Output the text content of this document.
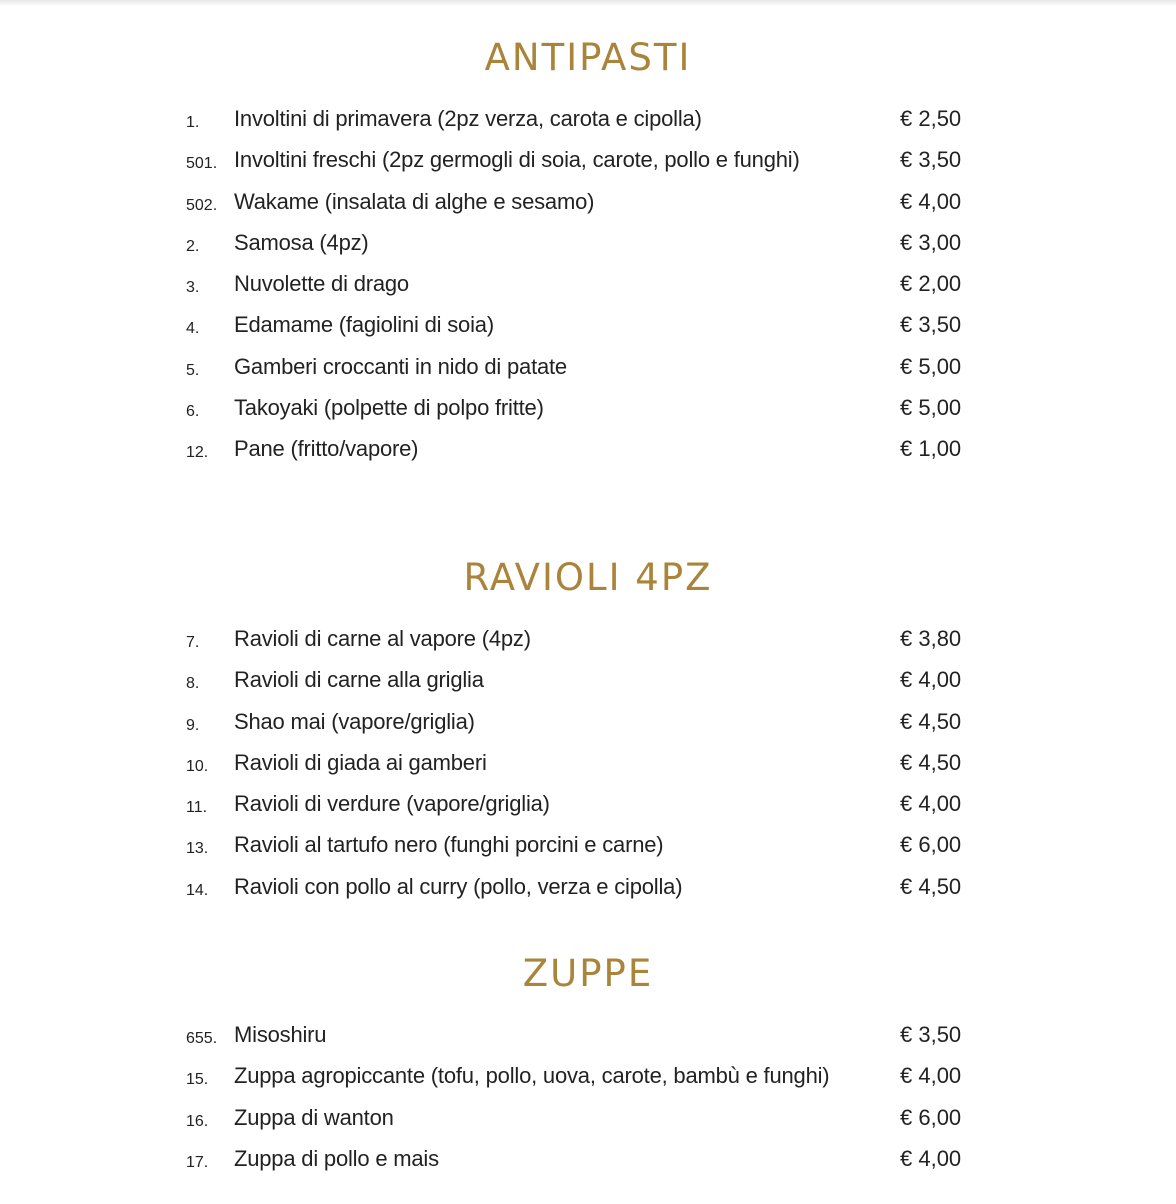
ANTIPASTI
1. Involtini di primavera (2pz verza, carota e cipolla)	€ 2,50
501. Involtini freschi (2pz germogli di soia, carote, pollo e funghi)	€ 3,50
502. Wakame (insalata di alghe e sesamo)	€ 4,00
2. Samosa (4pz)	€ 3,00
3. Nuvolette di drago	€ 2,00
4. Edamame (fagiolini di soia)	€ 3,50
5. Gamberi croccanti in nido di patate	€ 5,00
6. Takoyaki (polpette di polpo fritte)	€ 5,00
12. Pane (fritto/vapore)	€ 1,00
RAVIOLI 4PZ
7. Ravioli di carne al vapore (4pz)	€ 3,80
8. Ravioli di carne alla griglia	€ 4,00
9. Shao mai (vapore/griglia)	€ 4,50
10. Ravioli di giada ai gamberi	€ 4,50
11. Ravioli di verdure (vapore/griglia)	€ 4,00
13. Ravioli al tartufo nero (funghi porcini e carne)	€ 6,00
14. Ravioli con pollo al curry (pollo, verza e cipolla)	€ 4,50
ZUPPE
655. Misoshiru	€ 3,50
15. Zuppa agropiccante (tofu, pollo, uova, carote, bambù e funghi)	€ 4,00
16. Zuppa di wanton	€ 6,00
17. Zuppa di pollo e mais	€ 4,00
